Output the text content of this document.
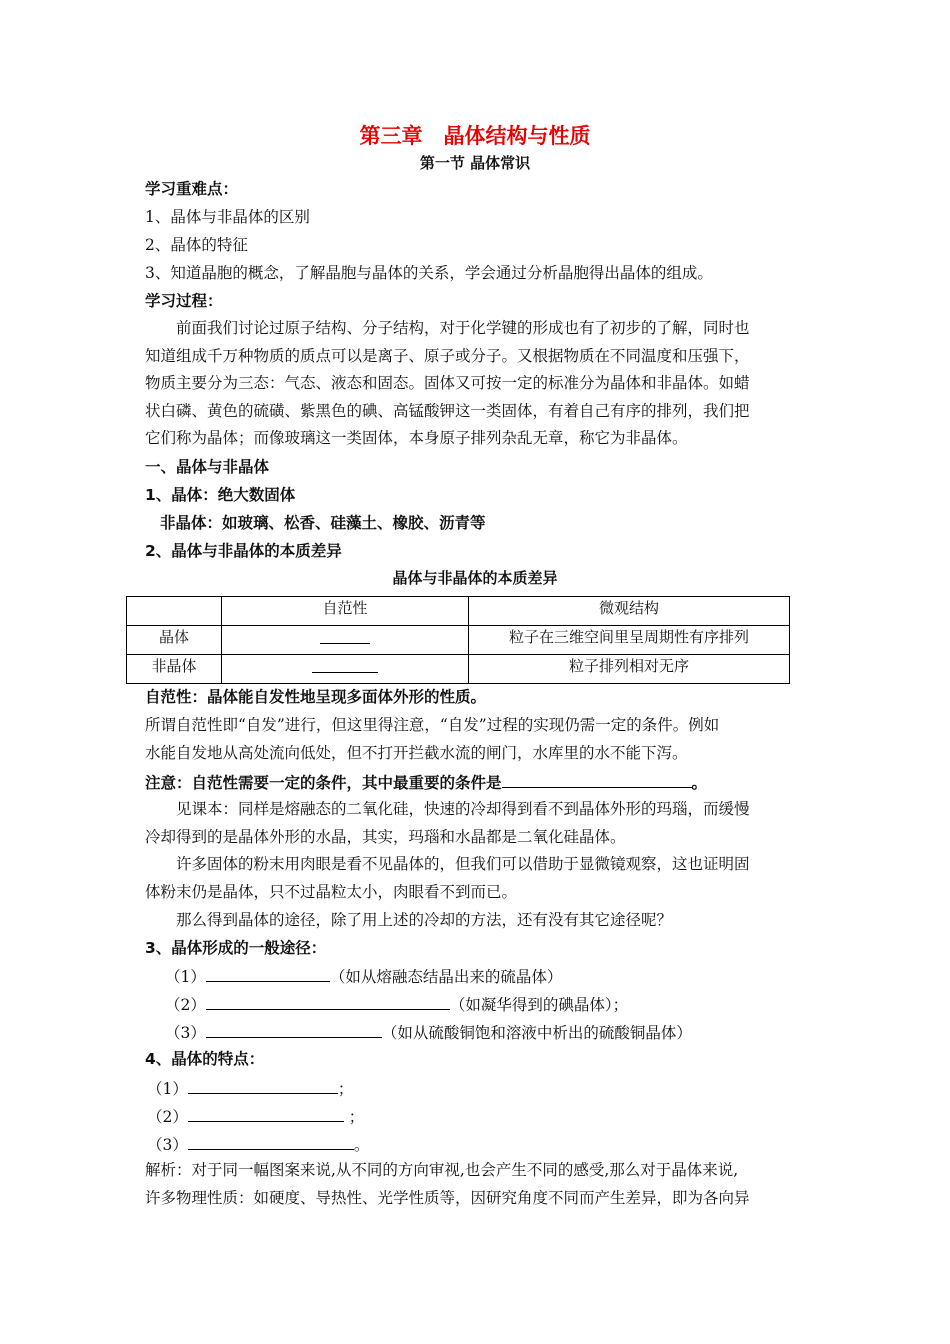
第三章　晶体结构与性质
第一节 晶体常识
学习重难点：
1、晶体与非晶体的区别
2、晶体的特征
3、知道晶胞的概念，了解晶胞与晶体的关系，学会通过分析晶胞得出晶体的组成。
学习过程：
前面我们讨论过原子结构、分子结构，对于化学键的形成也有了初步的了解，同时也
知道组成千万种物质的质点可以是离子、原子或分子。又根据物质在不同温度和压强下，
物质主要分为三态：气态、液态和固态。固体又可按一定的标准分为晶体和非晶体。如蜡
状白磷、黄色的硫磺、紫黑色的碘、高锰酸钾这一类固体，有着自己有序的排列，我们把
它们称为晶体；而像玻璃这一类固体，本身原子排列杂乱无章，称它为非晶体。
一、晶体与非晶体
1、晶体：绝大数固体
非晶体：如玻璃、松香、硅藻土、橡胶、沥青等
2、晶体与非晶体的本质差异
晶体与非晶体的本质差异
	自范性	微观结构
晶体		粒子在三维空间里呈周期性有序排列
非晶体		粒子排列相对无序
自范性：晶体能自发性地呈现多面体外形的性质。
所谓自范性即“自发”进行，但这里得注意，“自发”过程的实现仍需一定的条件。例如
水能自发地从高处流向低处，但不打开拦截水流的闸门，水库里的水不能下泻。
注意：自范性需要一定的条件，其中最重要的条件是	。
见课本：同样是熔融态的二氧化硅，快速的冷却得到看不到晶体外形的玛瑙，而缓慢
冷却得到的是晶体外形的水晶，其实，玛瑙和水晶都是二氧化硅晶体。
许多固体的粉末用肉眼是看不见晶体的，但我们可以借助于显微镜观察，这也证明固
体粉末仍是晶体，只不过晶粒太小，肉眼看不到而已。
那么得到晶体的途径，除了用上述的冷却的方法，还有没有其它途径呢？
3、晶体形成的一般途径：
（1）	（如从熔融态结晶出来的硫晶体）
（2）	（如凝华得到的碘晶体）；
（3）	（如从硫酸铜饱和溶液中析出的硫酸铜晶体）
4、晶体的特点：
（1）	；
（2）	；
（3）	。
解析：对于同一幅图案来说,从不同的方向审视,也会产生不同的感受,那么对于晶体来说,
许多物理性质：如硬度、导热性、光学性质等，因研究角度不同而产生差异，即为各向异
